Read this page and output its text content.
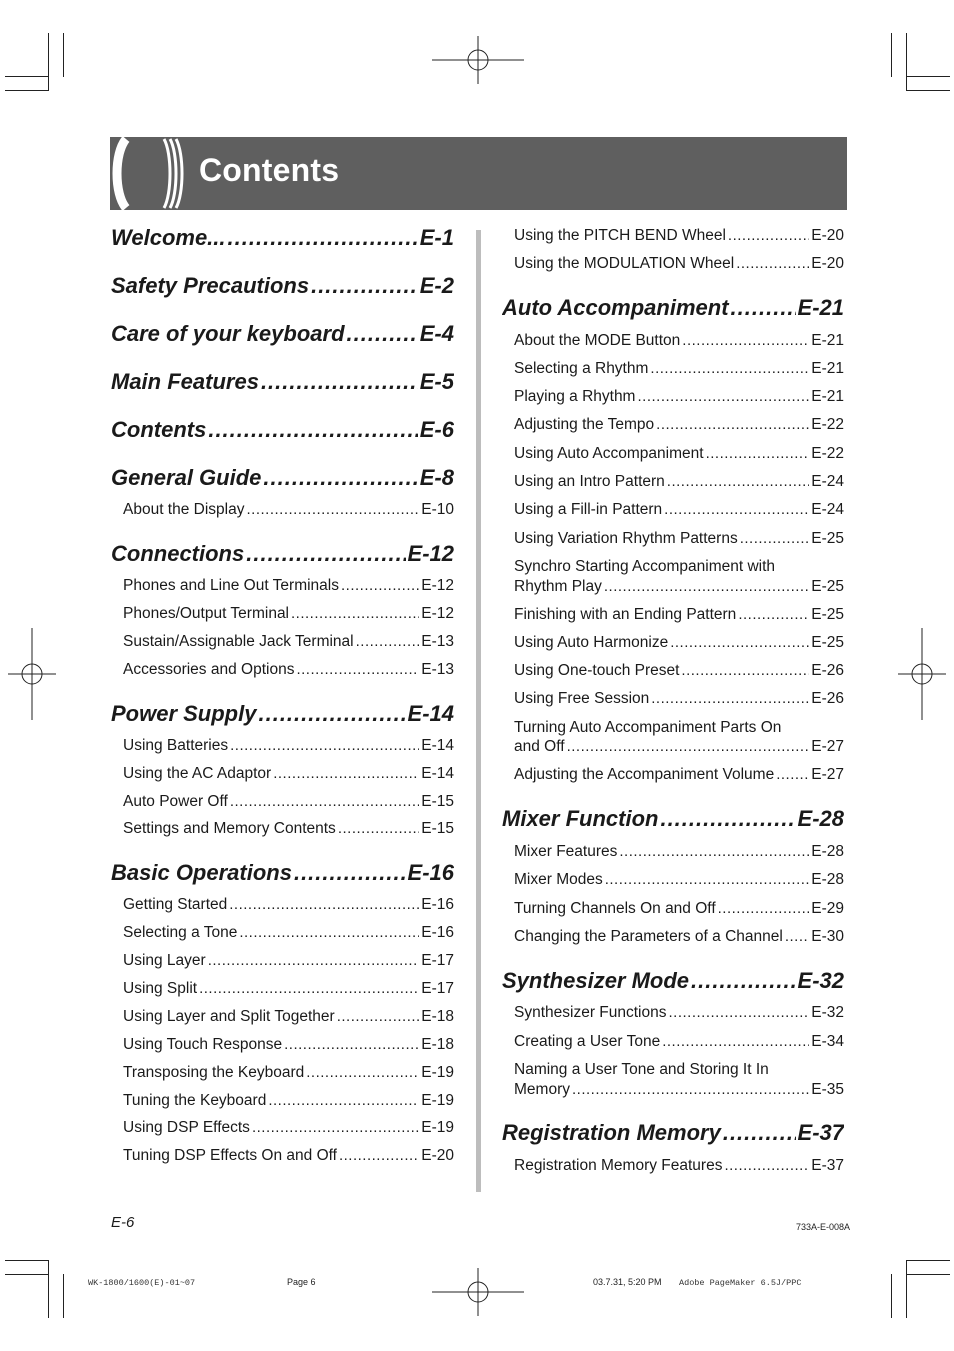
Contents
Welcome... .....	E-1
Safety Precautions .....	E-2
Care of your keyboard .....	E-4
Main Features .....	E-5
Contents .....	E-6
General Guide .....	E-8
About the Display .....	E-10
Connections .....	E-12
Phones and Line Out Terminals .....	E-12
Phones/Output Terminal .....	E-12
Sustain/Assignable Jack Terminal .....	E-13
Accessories and Options .....	E-13
Power Supply .....	E-14
Using Batteries .....	E-14
Using the AC Adaptor .....	E-14
Auto Power Off .....	E-15
Settings and Memory Contents .....	E-15
Basic Operations .....	E-16
Getting Started .....	E-16
Selecting a Tone .....	E-16
Using Layer .....	E-17
Using Split .....	E-17
Using Layer and Split Together .....	E-18
Using Touch Response .....	E-18
Transposing the Keyboard .....	E-19
Tuning the Keyboard .....	E-19
Using DSP Effects .....	E-19
Tuning DSP Effects On and Off .....	E-20
Using the PITCH BEND Wheel .....	E-20
Using the MODULATION Wheel .....	E-20
Auto Accompaniment .....	E-21
About the MODE Button .....	E-21
Selecting a Rhythm .....	E-21
Playing a Rhythm .....	E-21
Adjusting the Tempo .....	E-22
Using Auto Accompaniment .....	E-22
Using an Intro Pattern .....	E-24
Using a Fill-in Pattern .....	E-24
Using Variation Rhythm Patterns .....	E-25
Synchro Starting Accompaniment with
Rhythm Play .....	E-25
Finishing with an Ending Pattern .....	E-25
Using Auto Harmonize .....	E-25
Using One-touch Preset .....	E-26
Using Free Session .....	E-26
Turning Auto Accompaniment Parts On
and Off .....	E-27
Adjusting the Accompaniment Volume ..... E-27
Mixer Function .....	E-28
Mixer Features .....	E-28
Mixer Modes .....	E-28
Turning Channels On and Off .....	E-29
Changing the Parameters of a Channel ..... E-30
Synthesizer Mode .....	E-32
Synthesizer Functions .....	E-32
Creating a User Tone .....	E-34
Naming a User Tone and Storing It In
Memory .....	E-35
Registration Memory .....	E-37
Registration Memory Features .....	E-37
E-6	733A-E-008A
WK-1800/1600(E)-01~07	Page 6	03.7.31, 5:20 PM Adobe PageMaker 6.5J/PPC
